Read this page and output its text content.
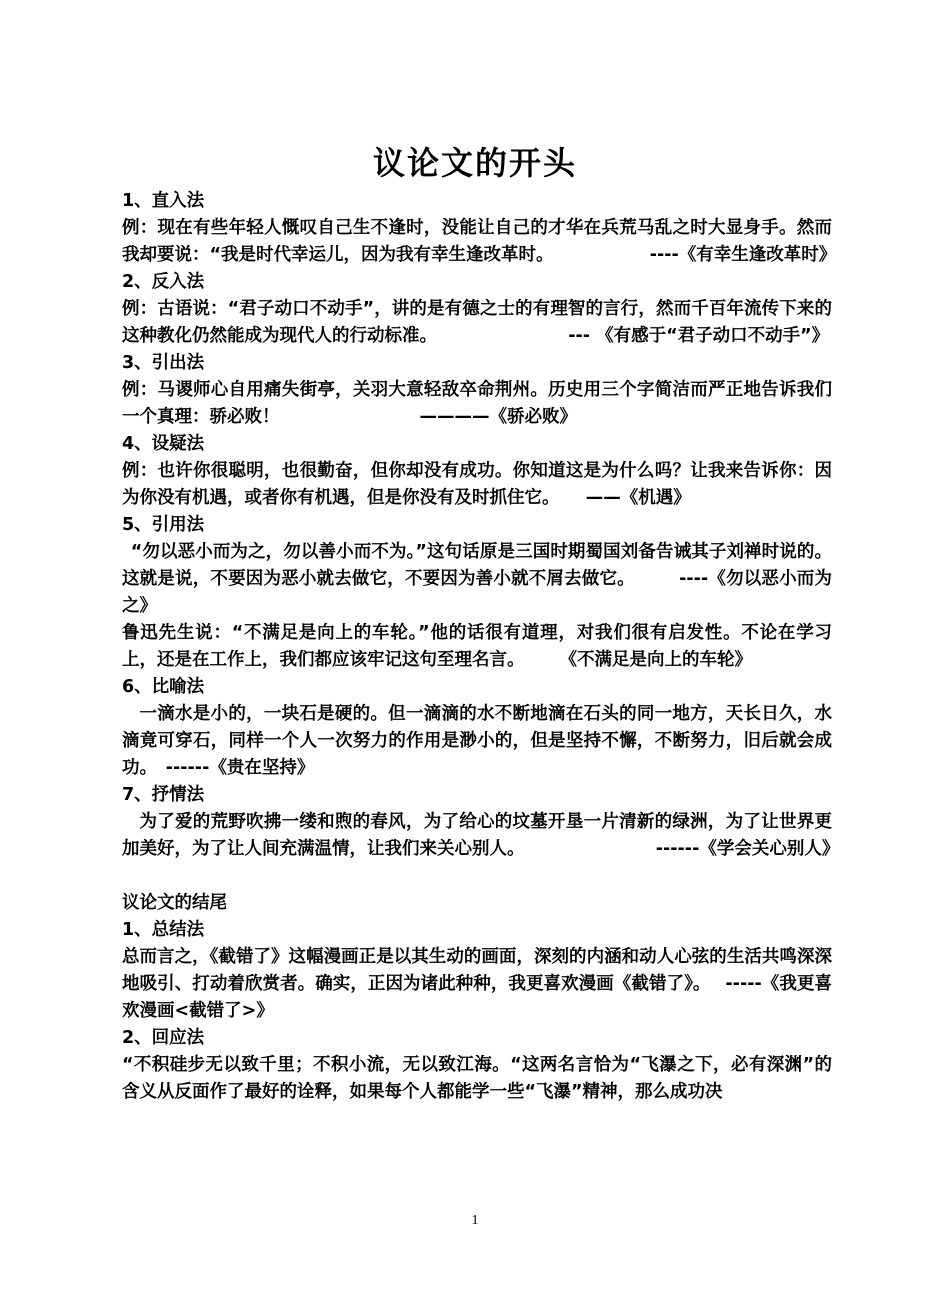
议论文的开头

1、直入法

例：现在有些年轻人慨叹自己生不逢时，没能让自己的才华在兵荒马乱之时大显身手。然而我却要说：“我是时代幸运儿，因为我有幸生逢改革时。　　　　　　----《有幸生逢改革时》

2、反入法

例：古语说：“君子动口不动手”，讲的是有德之士的有理智的言行，然而千百年流传下来的这种教化仍然能成为现代人的行动标准。　　　　　　　　--- 《有感于“君子动口不动手”》

3、引出法

例：马谡师心自用痛失街亭，关羽大意轻敌卒命荆州。历史用三个字简洁而严正地告诉我们一个真理：骄必败！　　　　　　　　————《骄必败》

4、设疑法

例：也许你很聪明，也很勤奋，但你却没有成功。你知道这是为什么吗？让我来告诉你：因为你没有机遇，或者你有机遇，但是你没有及时抓住它。　　——《机遇》

5、引用法

“勿以恶小而为之，勿以善小而不为。”这句话原是三国时期蜀国刘备告诫其子刘禅时说的。这就是说，不要因为恶小就去做它，不要因为善小就不屑去做它。　　　----《勿以恶小而为之》

鲁迅先生说：“不满足是向上的车轮。”他的话很有道理，对我们很有启发性。不论在学习上，还是在工作上，我们都应该牢记这句至理名言。　　　《不满足是向上的车轮》

6、比喻法

一滴水是小的，一块石是硬的。但一滴滴的水不断地滴在石头的同一地方，天长日久，水滴竟可穿石，同样一个人一次努力的作用是渺小的，但是坚持不懈，不断努力，旧后就会成功。　------《贵在坚持》

7、抒情法

为了爱的荒野吹拂一缕和煦的春风，为了给心的坟墓开垦一片清新的绿洲，为了让世界更加美好，为了让人间充满温情，让我们来关心别人。　　　　　　　　------《学会关心别人》

议论文的结尾

1、总结法

总而言之，《截错了》这幅漫画正是以其生动的画面，深刻的内涵和动人心弦的生活共鸣深深地吸引、打动着欣赏者。确实，正因为诸此种种，我更喜欢漫画《截错了》。　 -----《我更喜欢漫画<截错了>》

2、回应法

“不积硅步无以致千里；不积小流，无以致江海。“这两名言恰为“飞瀑之下，必有深渊”的含义从反面作了最好的诠释，如果每个人都能学一些“飞瀑”精神，那么成功决

1
